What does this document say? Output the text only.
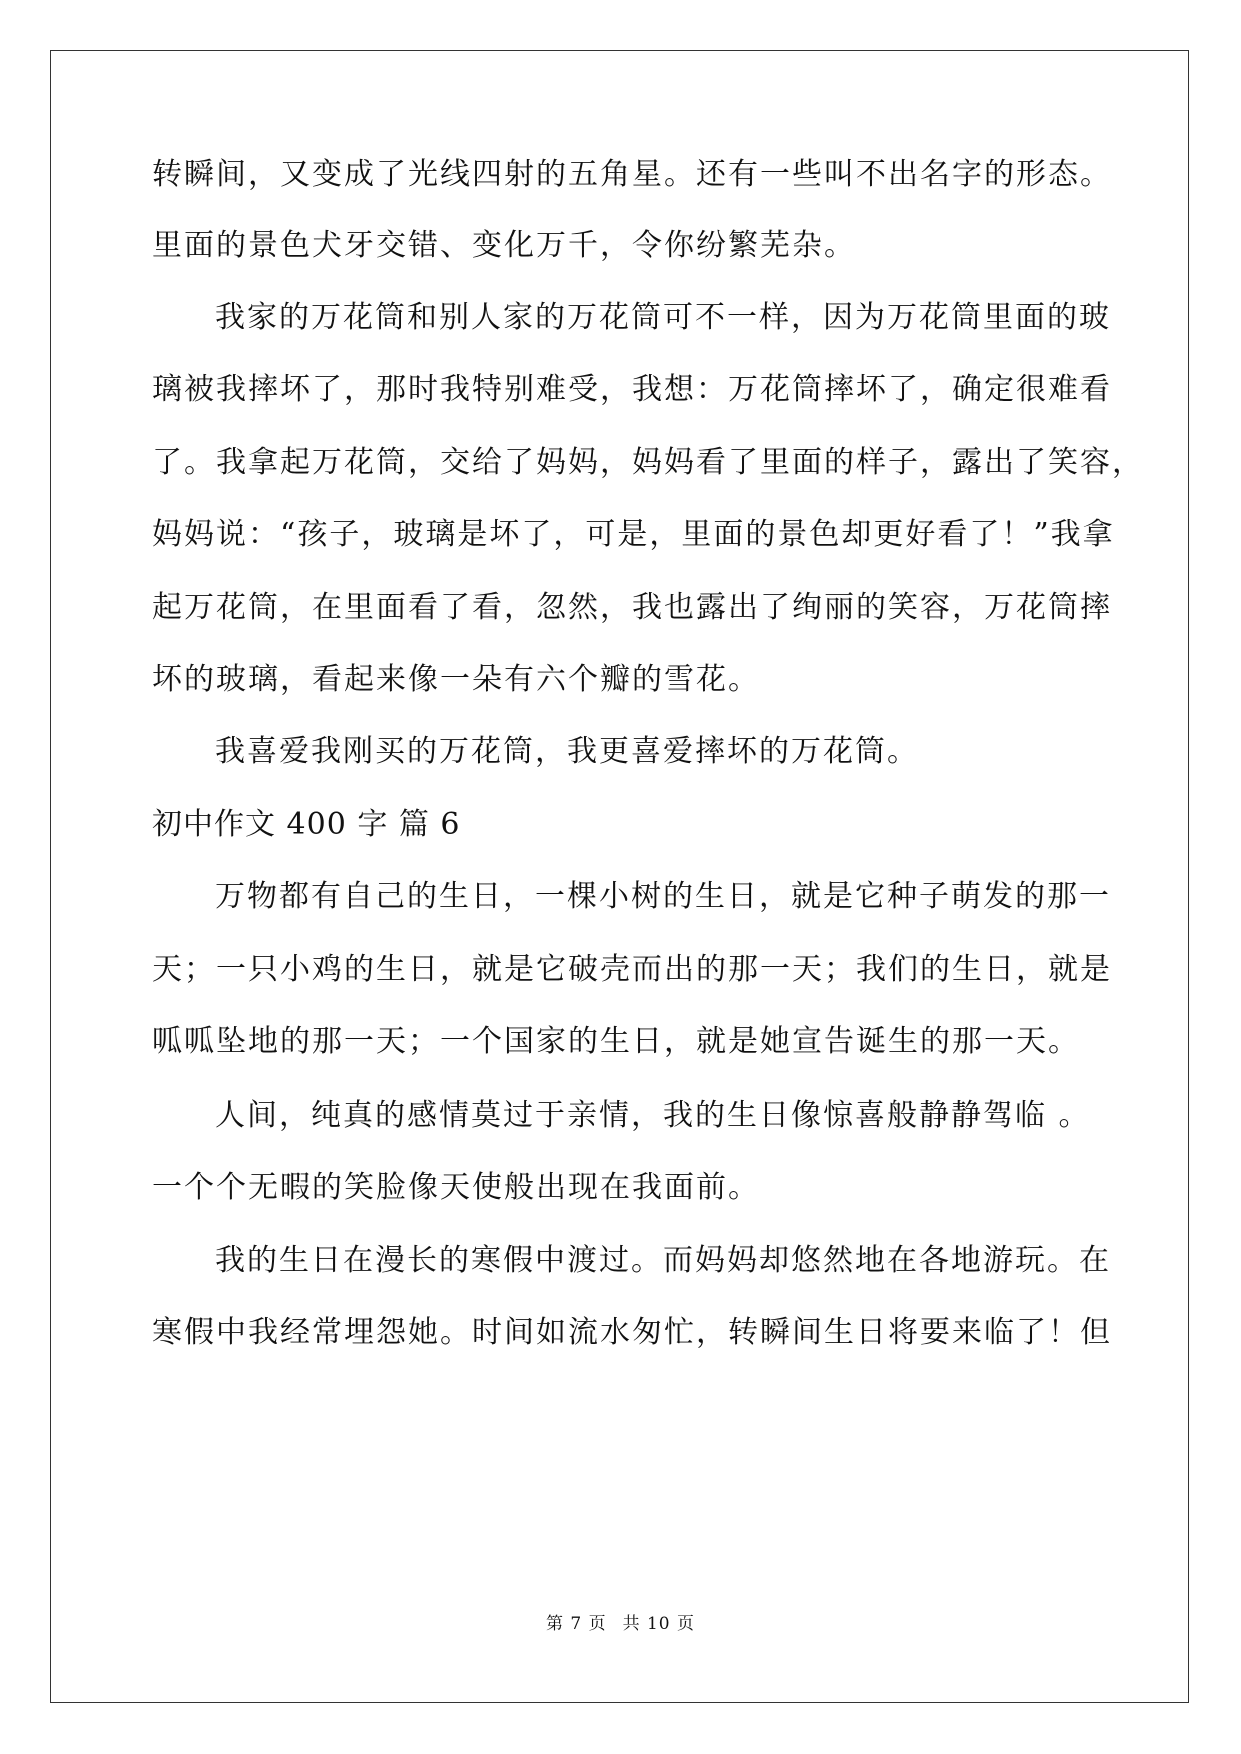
转瞬间，又变成了光线四射的五角星。还有一些叫不出名字的形态。
里面的景色犬牙交错、变化万千，令你纷繁芜杂。
我家的万花筒和别人家的万花筒可不一样，因为万花筒里面的玻
璃被我摔坏了，那时我特别难受，我想：万花筒摔坏了，确定很难看
了。我拿起万花筒，交给了妈妈，妈妈看了里面的样子，露出了笑容，
妈妈说：“孩子，玻璃是坏了，可是，里面的景色却更好看了！”我拿
起万花筒，在里面看了看，忽然，我也露出了绚丽的笑容，万花筒摔
坏的玻璃，看起来像一朵有六个瓣的雪花。
我喜爱我刚买的万花筒，我更喜爱摔坏的万花筒。
初中作文 400 字 篇 6
万物都有自己的生日，一棵小树的生日，就是它种子萌发的那一
天；一只小鸡的生日，就是它破壳而出的那一天；我们的生日，就是
呱呱坠地的那一天；一个国家的生日，就是她宣告诞生的那一天。
人间，纯真的感情莫过于亲情，我的生日像惊喜般静静驾临 。
一个个无暇的笑脸像天使般出现在我面前。
我的生日在漫长的寒假中渡过。而妈妈却悠然地在各地游玩。在
寒假中我经常埋怨她。时间如流水匆忙，转瞬间生日将要来临了！但
第 7 页 共 10 页
